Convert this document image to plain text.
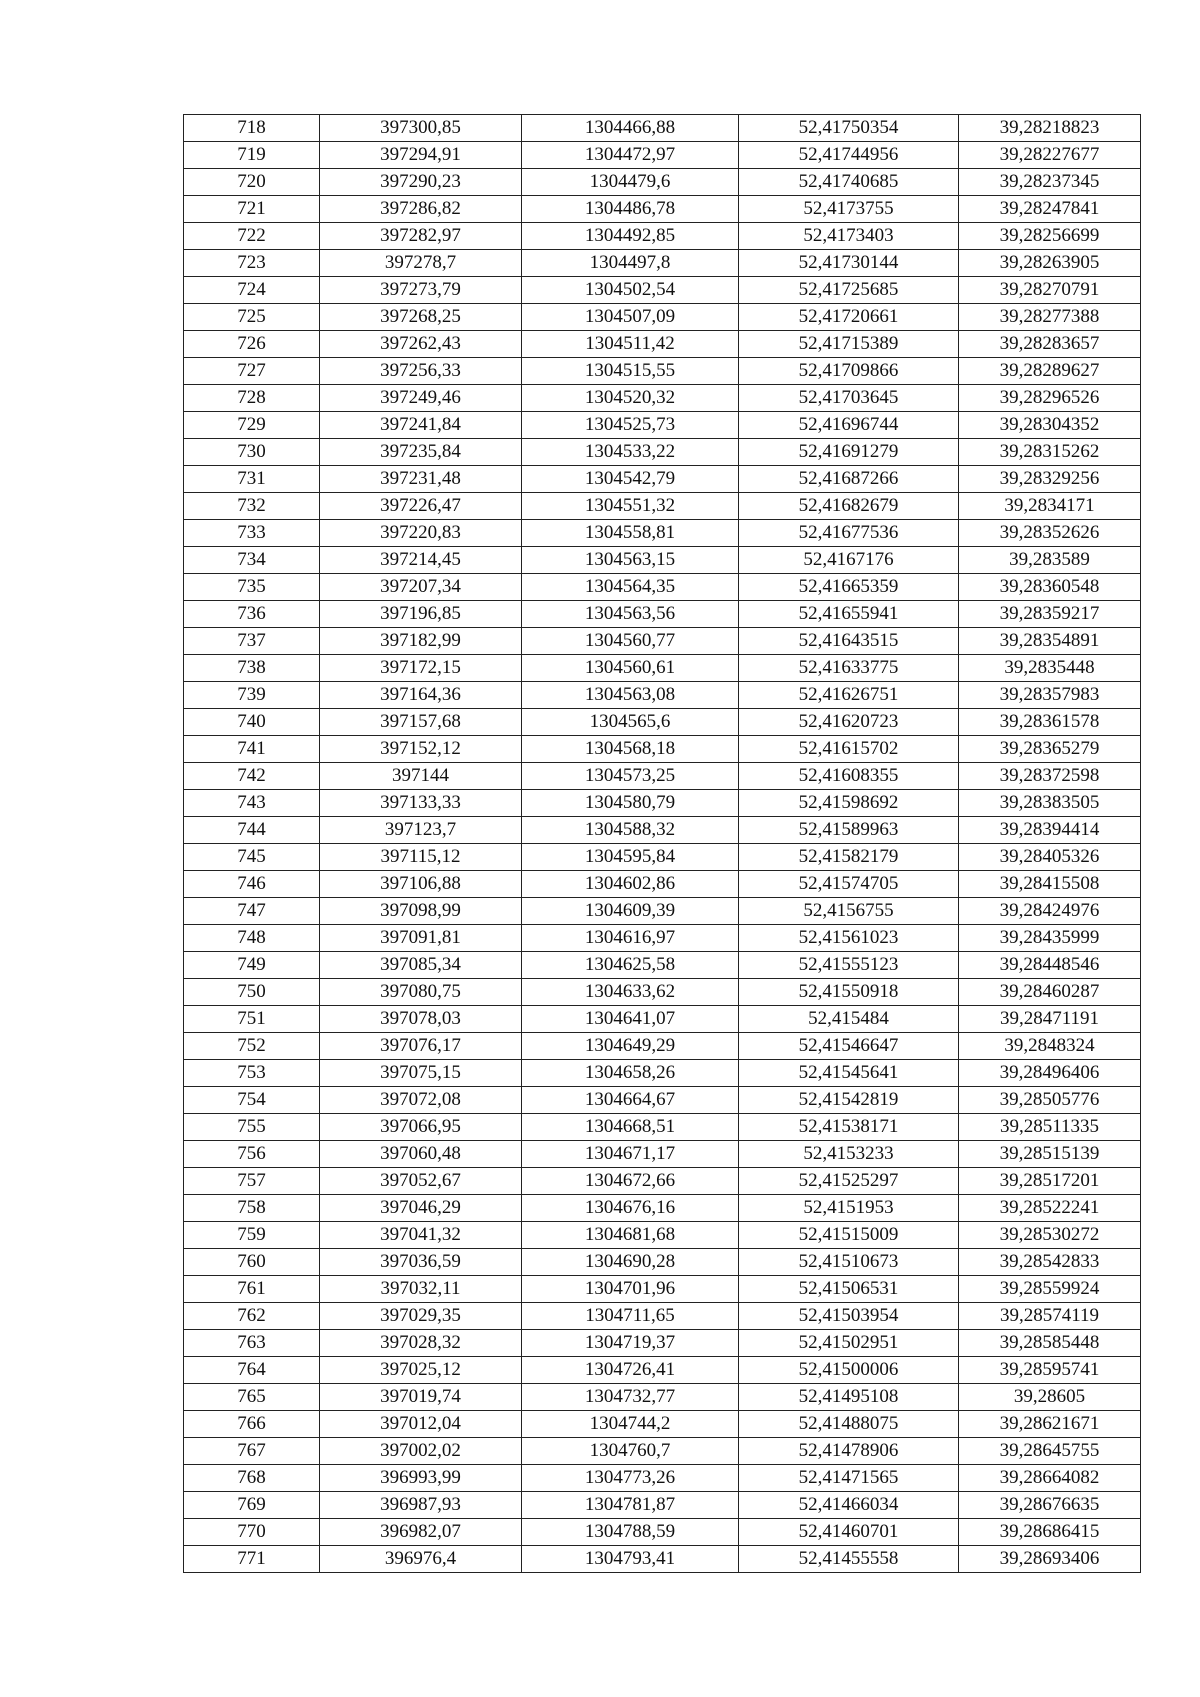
718	397300,85	1304466,88	52,41750354	39,28218823
719	397294,91	1304472,97	52,41744956	39,28227677
720	397290,23	1304479,6	52,41740685	39,28237345
721	397286,82	1304486,78	52,4173755	39,28247841
722	397282,97	1304492,85	52,4173403	39,28256699
723	397278,7	1304497,8	52,41730144	39,28263905
724	397273,79	1304502,54	52,41725685	39,28270791
725	397268,25	1304507,09	52,41720661	39,28277388
726	397262,43	1304511,42	52,41715389	39,28283657
727	397256,33	1304515,55	52,41709866	39,28289627
728	397249,46	1304520,32	52,41703645	39,28296526
729	397241,84	1304525,73	52,41696744	39,28304352
730	397235,84	1304533,22	52,41691279	39,28315262
731	397231,48	1304542,79	52,41687266	39,28329256
732	397226,47	1304551,32	52,41682679	39,2834171
733	397220,83	1304558,81	52,41677536	39,28352626
734	397214,45	1304563,15	52,4167176	39,283589
735	397207,34	1304564,35	52,41665359	39,28360548
736	397196,85	1304563,56	52,41655941	39,28359217
737	397182,99	1304560,77	52,41643515	39,28354891
738	397172,15	1304560,61	52,41633775	39,2835448
739	397164,36	1304563,08	52,41626751	39,28357983
740	397157,68	1304565,6	52,41620723	39,28361578
741	397152,12	1304568,18	52,41615702	39,28365279
742	397144	1304573,25	52,41608355	39,28372598
743	397133,33	1304580,79	52,41598692	39,28383505
744	397123,7	1304588,32	52,41589963	39,28394414
745	397115,12	1304595,84	52,41582179	39,28405326
746	397106,88	1304602,86	52,41574705	39,28415508
747	397098,99	1304609,39	52,4156755	39,28424976
748	397091,81	1304616,97	52,41561023	39,28435999
749	397085,34	1304625,58	52,41555123	39,28448546
750	397080,75	1304633,62	52,41550918	39,28460287
751	397078,03	1304641,07	52,415484	39,28471191
752	397076,17	1304649,29	52,41546647	39,2848324
753	397075,15	1304658,26	52,41545641	39,28496406
754	397072,08	1304664,67	52,41542819	39,28505776
755	397066,95	1304668,51	52,41538171	39,28511335
756	397060,48	1304671,17	52,4153233	39,28515139
757	397052,67	1304672,66	52,41525297	39,28517201
758	397046,29	1304676,16	52,4151953	39,28522241
759	397041,32	1304681,68	52,41515009	39,28530272
760	397036,59	1304690,28	52,41510673	39,28542833
761	397032,11	1304701,96	52,41506531	39,28559924
762	397029,35	1304711,65	52,41503954	39,28574119
763	397028,32	1304719,37	52,41502951	39,28585448
764	397025,12	1304726,41	52,41500006	39,28595741
765	397019,74	1304732,77	52,41495108	39,28605
766	397012,04	1304744,2	52,41488075	39,28621671
767	397002,02	1304760,7	52,41478906	39,28645755
768	396993,99	1304773,26	52,41471565	39,28664082
769	396987,93	1304781,87	52,41466034	39,28676635
770	396982,07	1304788,59	52,41460701	39,28686415
771	396976,4	1304793,41	52,41455558	39,28693406
